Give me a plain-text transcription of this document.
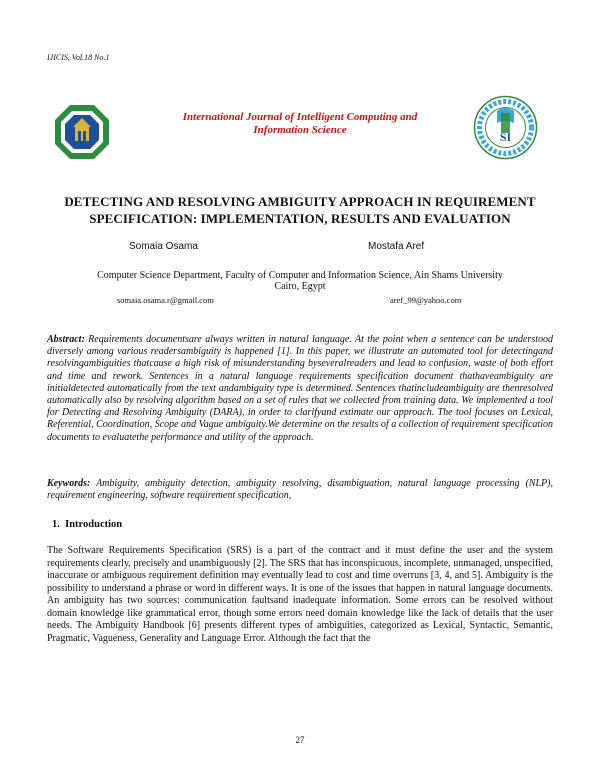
IJICIS, Vol.18 No.1
International Journal of Intelligent Computing and
Information Science	SI
DETECTING AND RESOLVING AMBIGUITY APPROACH IN REQUIREMENT
SPECIFICATION: IMPLEMENTATION, RESULTS AND EVALUATION
Somaia Osama	Mostafa Aref
Computer Science Department, Faculty of Computer and Information Science, Ain Shams University
Cairo, Egypt
somaia.osama.r@gmail.com	aref_99@yahoo.com
Abstract: Requirements documentsare always written in natural language. At the point when a sentence can be understood diversely among various readersambiguity is happened [1]. In this paper, we illustrate an automated tool for detectingand resolvingambiguities thatcause a high risk of misunderstanding byseveralreaders and lead to confusion, waste of both effort and time and rework. Sentences in a natural language requirements specification document thathaveambiguity are initialdetected automatically from the text andambiguity type is determined. Sentences thatincludeambiguity are thenresolved automatically also by resolving algorithm based on a set of rules that we collected from training data. We implemented a tool for Detecting and Resolving Ambiguity (DARA), in order to clarifyand estimate our approach. The tool focuses on Lexical, Referential, Coordination, Scope and Vague ambiguity.We determine on the results of a collection of requirement specification documents to evaluatethe performance and utility of the approach.
Keywords: Ambiguity, ambiguity detection, ambiguity resolving, disambiguation, natural language processing (NLP), requirement engineering, software requirement specification,
1. Introduction
The Software Requirements Specification (SRS) is a part of the contract and it must define the user and the system requirements clearly, precisely and unambiguously [2]. The SRS that has inconspicuous, incomplete, unmanaged, unspecified, inaccurate or ambiguous requirement definition may eventually lead to cost and time overruns [3, 4, and 5]. Ambiguity is the possibility to understand a phrase or word in different ways. It is one of the issues that happen in natural language documents. An ambiguity has two sources: communication faultsand inadequate information. Some errors can be resolved without domain knowledge like grammatical error, though some errors need domain knowledge like the lack of details that the user needs. The Ambiguity Handbook [6] presents different types of ambiguities, categorized as Lexical, Syntactic, Semantic, Pragmatic, Vagueness, Generality and Language Error. Although the fact that the
27
